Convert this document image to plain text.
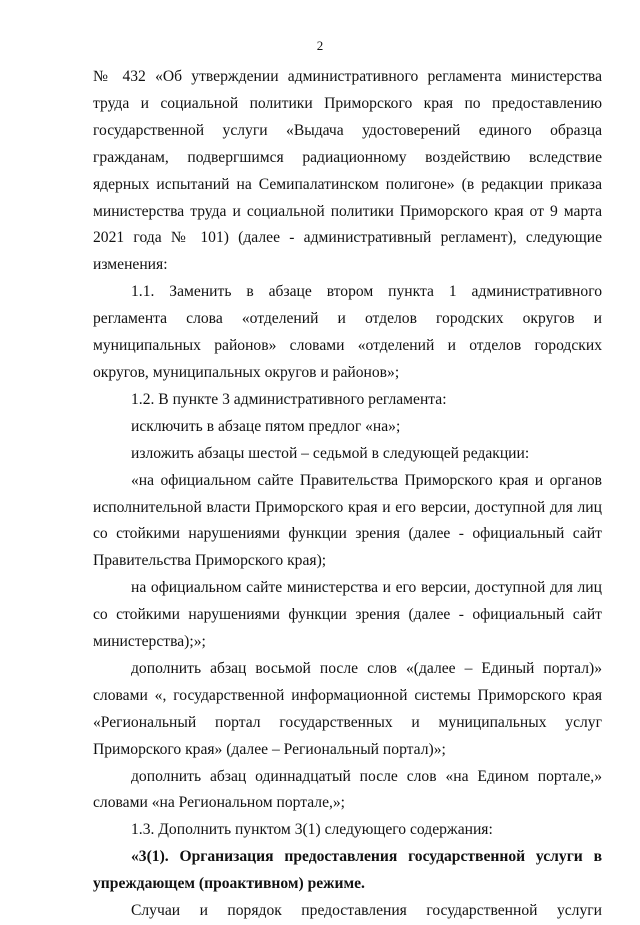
2

№ 432 «Об утверждении административного регламента министерства труда и социальной политики Приморского края по предоставлению государственной услуги «Выдача удостоверений единого образца гражданам, подвергшимся радиационному воздействию вследствие ядерных испытаний на Семипалатинском полигоне» (в редакции приказа министерства труда и социальной политики Приморского края от 9 марта 2021 года № 101) (далее - административный регламент), следующие изменения:

1.1. Заменить в абзаце втором пункта 1 административного регламента слова «отделений и отделов городских округов и муниципальных районов» словами «отделений и отделов городских округов, муниципальных округов и районов»;

1.2. В пункте 3 административного регламента:

исключить в абзаце пятом предлог «на»;

изложить абзацы шестой – седьмой в следующей редакции:

«на официальном сайте Правительства Приморского края и органов исполнительной власти Приморского края и его версии, доступной для лиц со стойкими нарушениями функции зрения (далее - официальный сайт Правительства Приморского края);

на официальном сайте министерства и его версии, доступной для лиц со стойкими нарушениями функции зрения (далее - официальный сайт министерства);»;

дополнить абзац восьмой после слов «(далее – Единый портал)» словами «, государственной информационной системы Приморского края «Региональный портал государственных и муниципальных услуг Приморского края» (далее – Региональный портал)»;

дополнить абзац одиннадцатый после слов «на Едином портале,» словами «на Региональном портале,»;

1.3. Дополнить пунктом 3(1) следующего содержания:

«3(1). Организация предоставления государственной услуги в упреждающем (проактивном) режиме.

Случаи и порядок предоставления государственной услуги
